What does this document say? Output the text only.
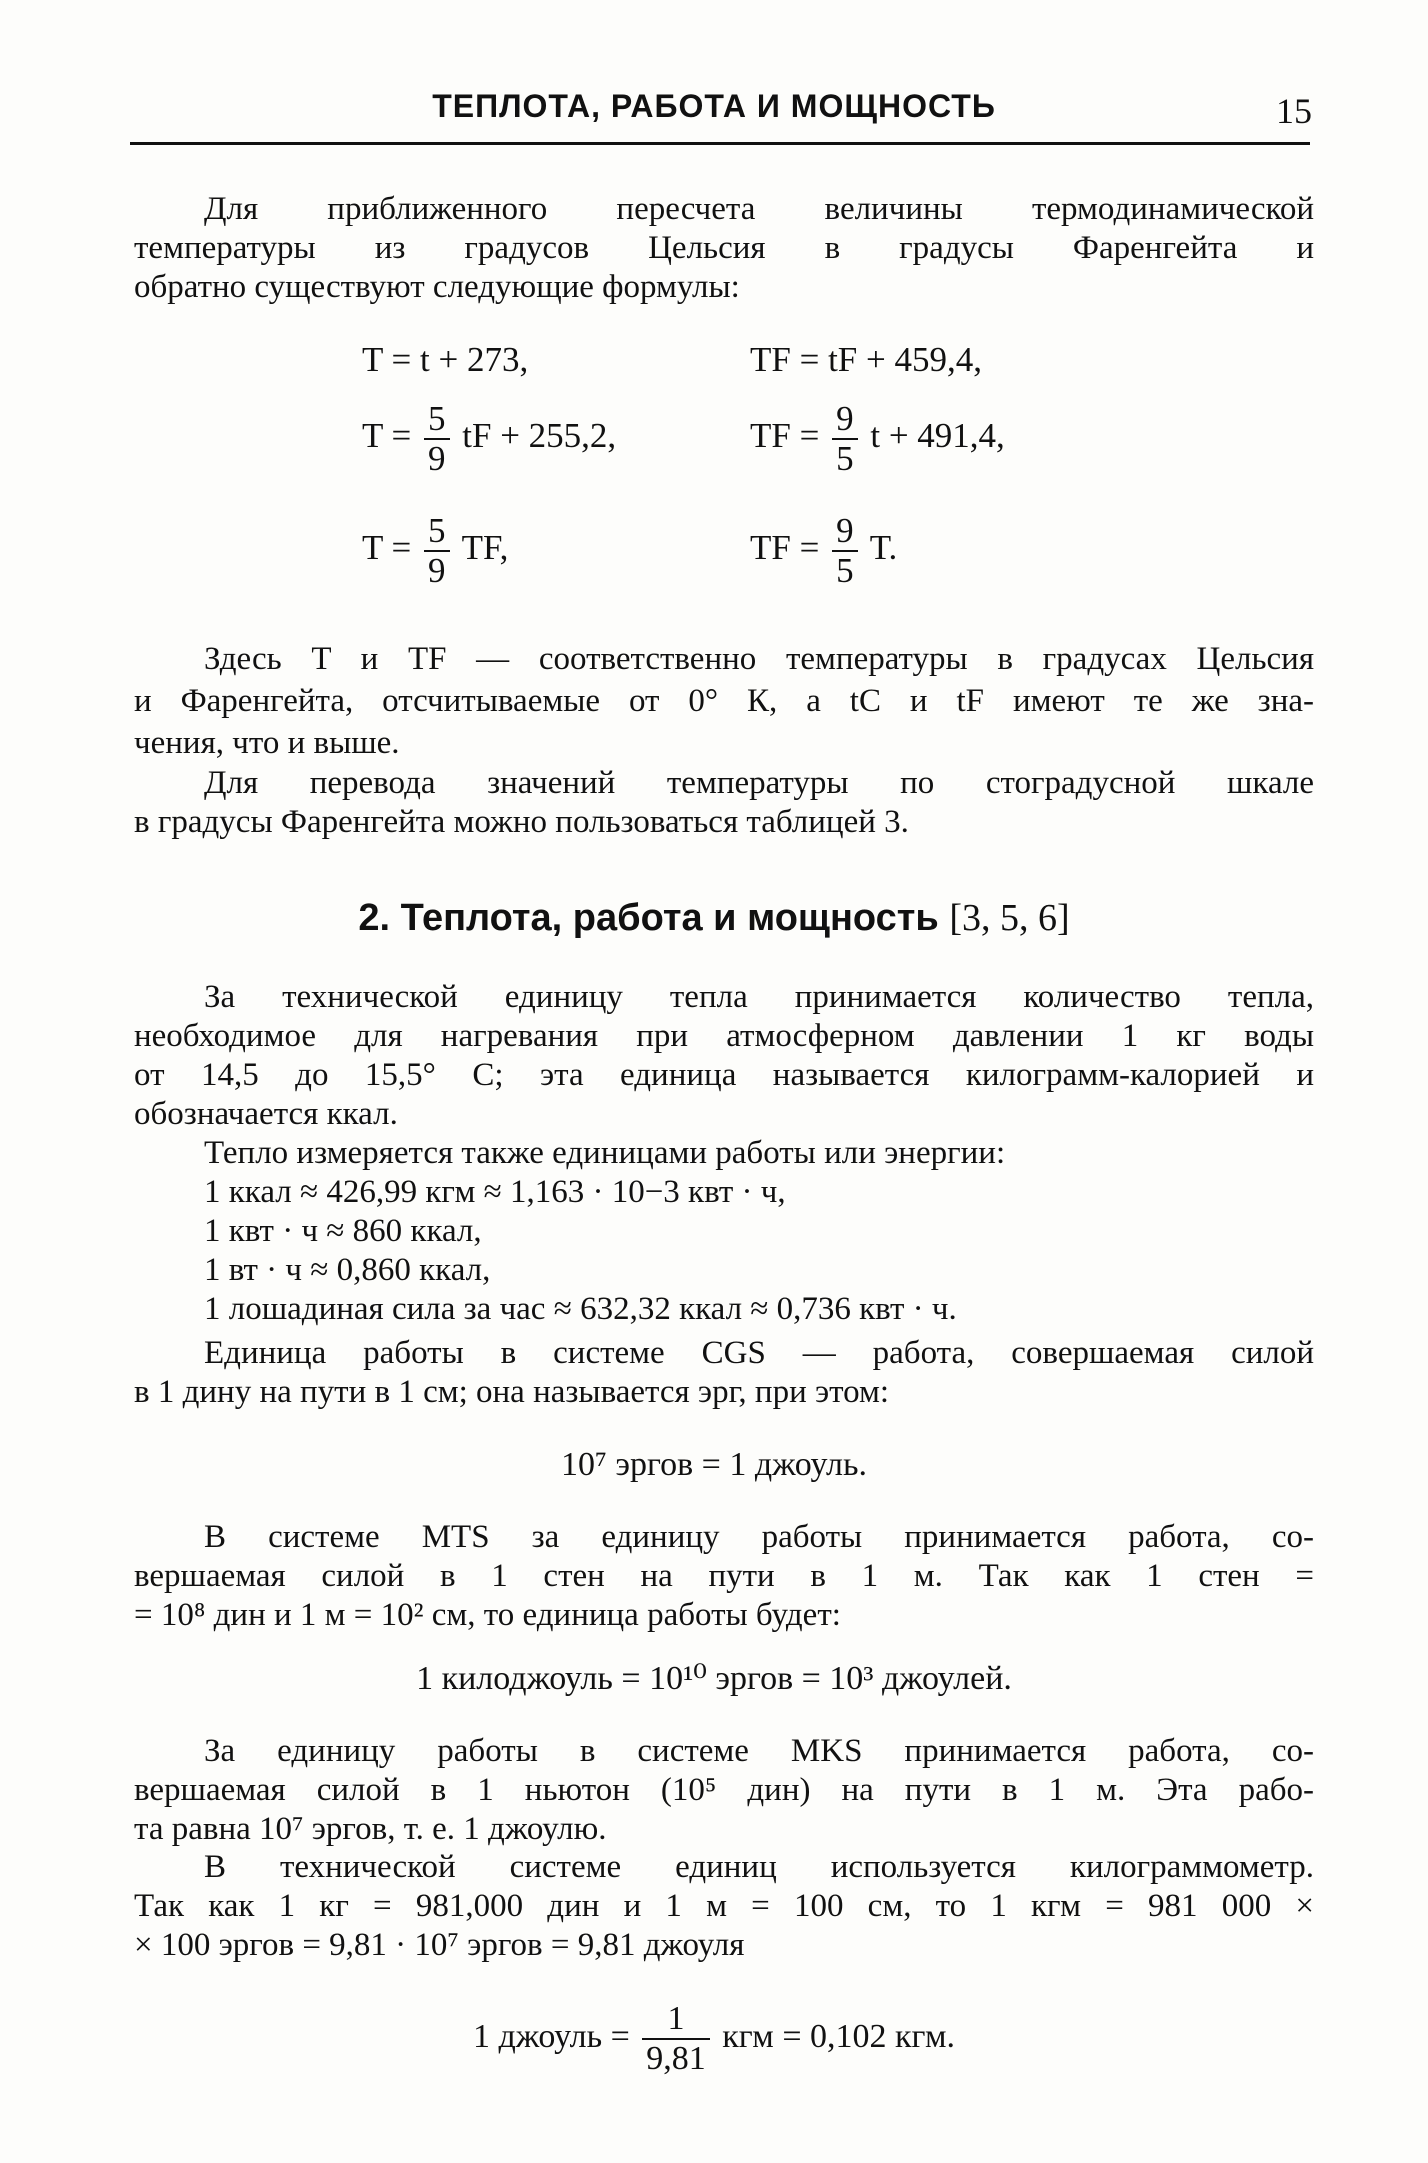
ТЕПЛОТА, РАБОТА И МОЩНОСТЬ	15
Для приближенного пересчета величины термодинамической
температуры из градусов Цельсия в градусы Фаренгейта и
обратно существуют следующие формулы:
T = t + 273,	TF = tF + 459,4,
$T = \frac{5}{9}$ tF + 255,2,	TF = $\frac{9}{5}$ t + 491,4,
$T = \frac{5}{9}$ TF,	TF = $\frac{9}{5} T$.
Здесь T и TF — соответственно температуры в градусах Цельсия
и Фаренгейта, отсчитываемые от 0° К, а tC и tF имеют те же зна-
чения, что и выше.
Для перевода значений температуры по стоградусной шкале
в градусы Фаренгейта можно пользоваться таблицей 3.
2. Теплота, работа и мощность [3, 5, 6]
За технической единицу тепла принимается количество тепла,
необходимое для нагревания при атмосферном давлении 1 кг воды
от 14,5 до 15,5° С; эта единица называется килограмм-калорией и
обозначается ккал.
Тепло измеряется также единицами работы или энергии:
1 ккал ≈ 426,99 кгм ≈ 1,163 · 10−3 квт · ч,
1 квт · ч ≈ 860 ккал,
1 вт · ч ≈ 0,860 ккал,
1 лошадиная сила за час ≈ 632,32 ккал ≈ 0,736 квт · ч.
Единица работы в системе CGS — работа, совершаемая силой
в 1 дину на пути в 1 см; она называется эрг, при этом:
10⁷ эргов = 1 джоуль.
В системе MTS за единицу работы принимается работа, со-
вершаемая силой в 1 стен на пути в 1 м. Так как 1 стен =
= 10⁸ дин и 1 м = 10² см, то единица работы будет:
1 килоджоуль = 10¹⁰ эргов = 10³ джоулей.
За единицу работы в системе MKS принимается работа, со-
вершаемая силой в 1 ньютон (10⁵ дин) на пути в 1 м. Эта рабо-
та равна 10⁷ эргов, т. е. 1 джоулю.
В технической системе единиц используется килограммометр.
Так как 1 кг = 981,000 дин и 1 м = 100 см, то 1 кгм = 981 000 ×
× 100 эргов = 9,81 · 10⁷ эргов = 9,81 джоуля
1 джоуль = $\frac{1}{9,81}$ кгм = 0,102 кгм.
